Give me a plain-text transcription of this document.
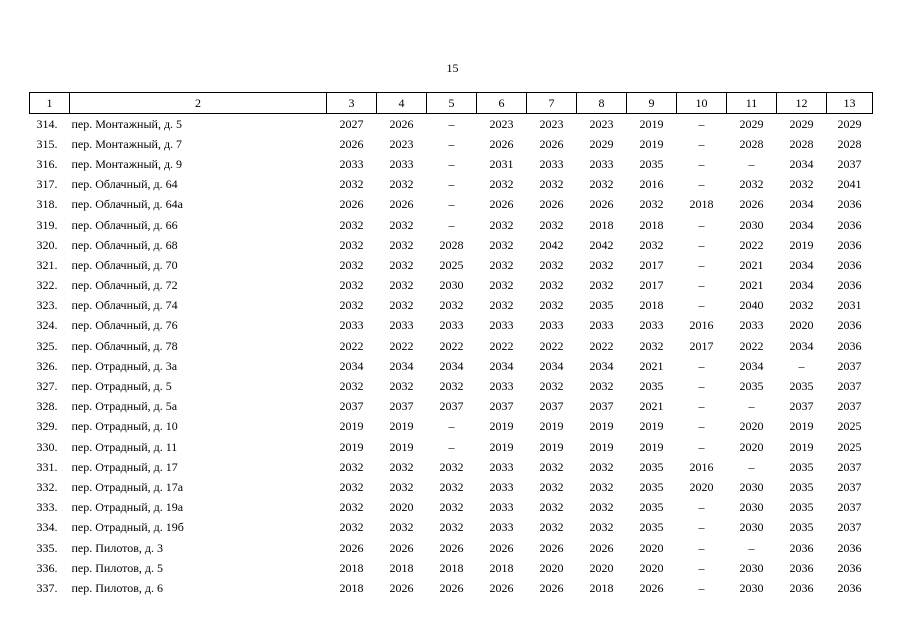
15
1	2	3	4	5	6	7	8	9	10	11	12	13
314.	пер. Монтажный, д. 5	2027	2026	–	2023	2023	2023	2019	–	2029	2029	2029
315.	пер. Монтажный, д. 7	2026	2023	–	2026	2026	2029	2019	–	2028	2028	2028
316.	пер. Монтажный, д. 9	2033	2033	–	2031	2033	2033	2035	–	–	2034	2037
317.	пер. Облачный, д. 64	2032	2032	–	2032	2032	2032	2016	–	2032	2032	2041
318.	пер. Облачный, д. 64а	2026	2026	–	2026	2026	2026	2032	2018	2026	2034	2036
319.	пер. Облачный, д. 66	2032	2032	–	2032	2032	2018	2018	–	2030	2034	2036
320.	пер. Облачный, д. 68	2032	2032	2028	2032	2042	2042	2032	–	2022	2019	2036
321.	пер. Облачный, д. 70	2032	2032	2025	2032	2032	2032	2017	–	2021	2034	2036
322.	пер. Облачный, д. 72	2032	2032	2030	2032	2032	2032	2017	–	2021	2034	2036
323.	пер. Облачный, д. 74	2032	2032	2032	2032	2032	2035	2018	–	2040	2032	2031
324.	пер. Облачный, д. 76	2033	2033	2033	2033	2033	2033	2033	2016	2033	2020	2036
325.	пер. Облачный, д. 78	2022	2022	2022	2022	2022	2022	2032	2017	2022	2034	2036
326.	пер. Отрадный, д. 3а	2034	2034	2034	2034	2034	2034	2021	–	2034	–	2037
327.	пер. Отрадный, д. 5	2032	2032	2032	2033	2032	2032	2035	–	2035	2035	2037
328.	пер. Отрадный, д. 5а	2037	2037	2037	2037	2037	2037	2021	–	–	2037	2037
329.	пер. Отрадный, д. 10	2019	2019	–	2019	2019	2019	2019	–	2020	2019	2025
330.	пер. Отрадный, д. 11	2019	2019	–	2019	2019	2019	2019	–	2020	2019	2025
331.	пер. Отрадный, д. 17	2032	2032	2032	2033	2032	2032	2035	2016	–	2035	2037
332.	пер. Отрадный, д. 17а	2032	2032	2032	2033	2032	2032	2035	2020	2030	2035	2037
333.	пер. Отрадный, д. 19а	2032	2020	2032	2033	2032	2032	2035	–	2030	2035	2037
334.	пер. Отрадный, д. 19б	2032	2032	2032	2033	2032	2032	2035	–	2030	2035	2037
335.	пер. Пилотов, д. 3	2026	2026	2026	2026	2026	2026	2020	–	–	2036	2036
336.	пер. Пилотов, д. 5	2018	2018	2018	2018	2020	2020	2020	–	2030	2036	2036
337.	пер. Пилотов, д. 6	2018	2026	2026	2026	2026	2018	2026	–	2030	2036	2036
